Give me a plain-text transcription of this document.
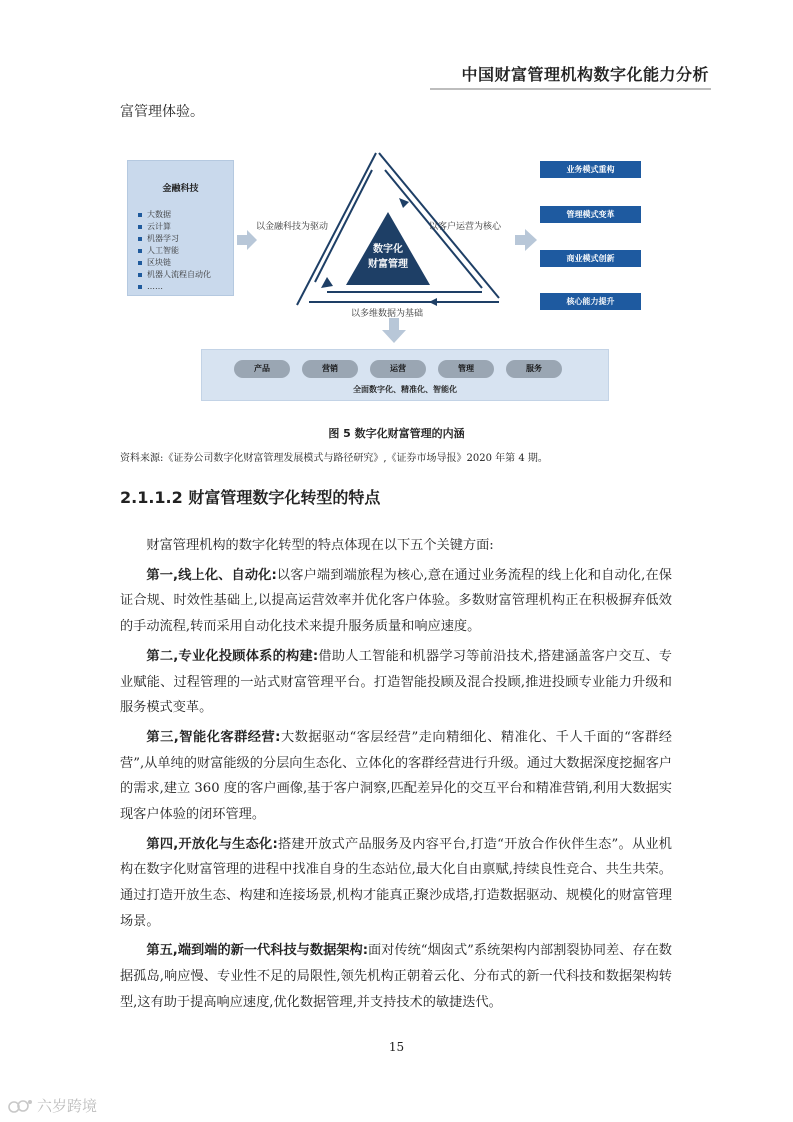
中国财富管理机构数字化能力分析
富管理体验。
金融科技
大数据
云计算
机器学习
人工智能
区块链
机器人流程自动化
……
数字化
财富管理
以金融科技为驱动	以客户运营为核心
以多维数据为基础
业务模式重构
管理模式变革
商业模式创新
核心能力提升
产品	营销	运营	管理	服务
全面数字化、精准化、智能化
图 5 数字化财富管理的内涵
资料来源:《证券公司数字化财富管理发展模式与路径研究》,《证券市场导报》2020 年第 4 期。
2.1.1.2 财富管理数字化转型的特点

财富管理机构的数字化转型的特点体现在以下五个关键方面:

第一,线上化、自动化:以客户端到端旅程为核心,意在通过业务流程的线上化和自动化,在保证合规、时效性基础上,以提高运营效率并优化客户体验。多数财富管理机构正在积极摒弃低效的手动流程,转而采用自动化技术来提升服务质量和响应速度。

第二,专业化投顾体系的构建:借助人工智能和机器学习等前沿技术,搭建涵盖客户交互、专业赋能、过程管理的一站式财富管理平台。打造智能投顾及混合投顾,推进投顾专业能力升级和服务模式变革。

第三,智能化客群经营:大数据驱动“客层经营”走向精细化、精准化、千人千面的“客群经营”,从单纯的财富能级的分层向生态化、立体化的客群经营进行升级。通过大数据深度挖掘客户的需求,建立 360 度的客户画像,基于客户洞察,匹配差异化的交互平台和精准营销,利用大数据实现客户体验的闭环管理。

第四,开放化与生态化:搭建开放式产品服务及内容平台,打造“开放合作伙伴生态”。从业机构在数字化财富管理的进程中找准自身的生态站位,最大化自由禀赋,持续良性竞合、共生共荣。通过打造开放生态、构建和连接场景,机构才能真正聚沙成塔,打造数据驱动、规模化的财富管理场景。

第五,端到端的新一代科技与数据架构:面对传统“烟囱式”系统架构内部割裂协同差、存在数据孤岛,响应慢、专业性不足的局限性,领先机构正朝着云化、分布式的新一代科技和数据架构转型,这有助于提高响应速度,优化数据管理,并支持技术的敏捷迭代。

15
六岁跨境
